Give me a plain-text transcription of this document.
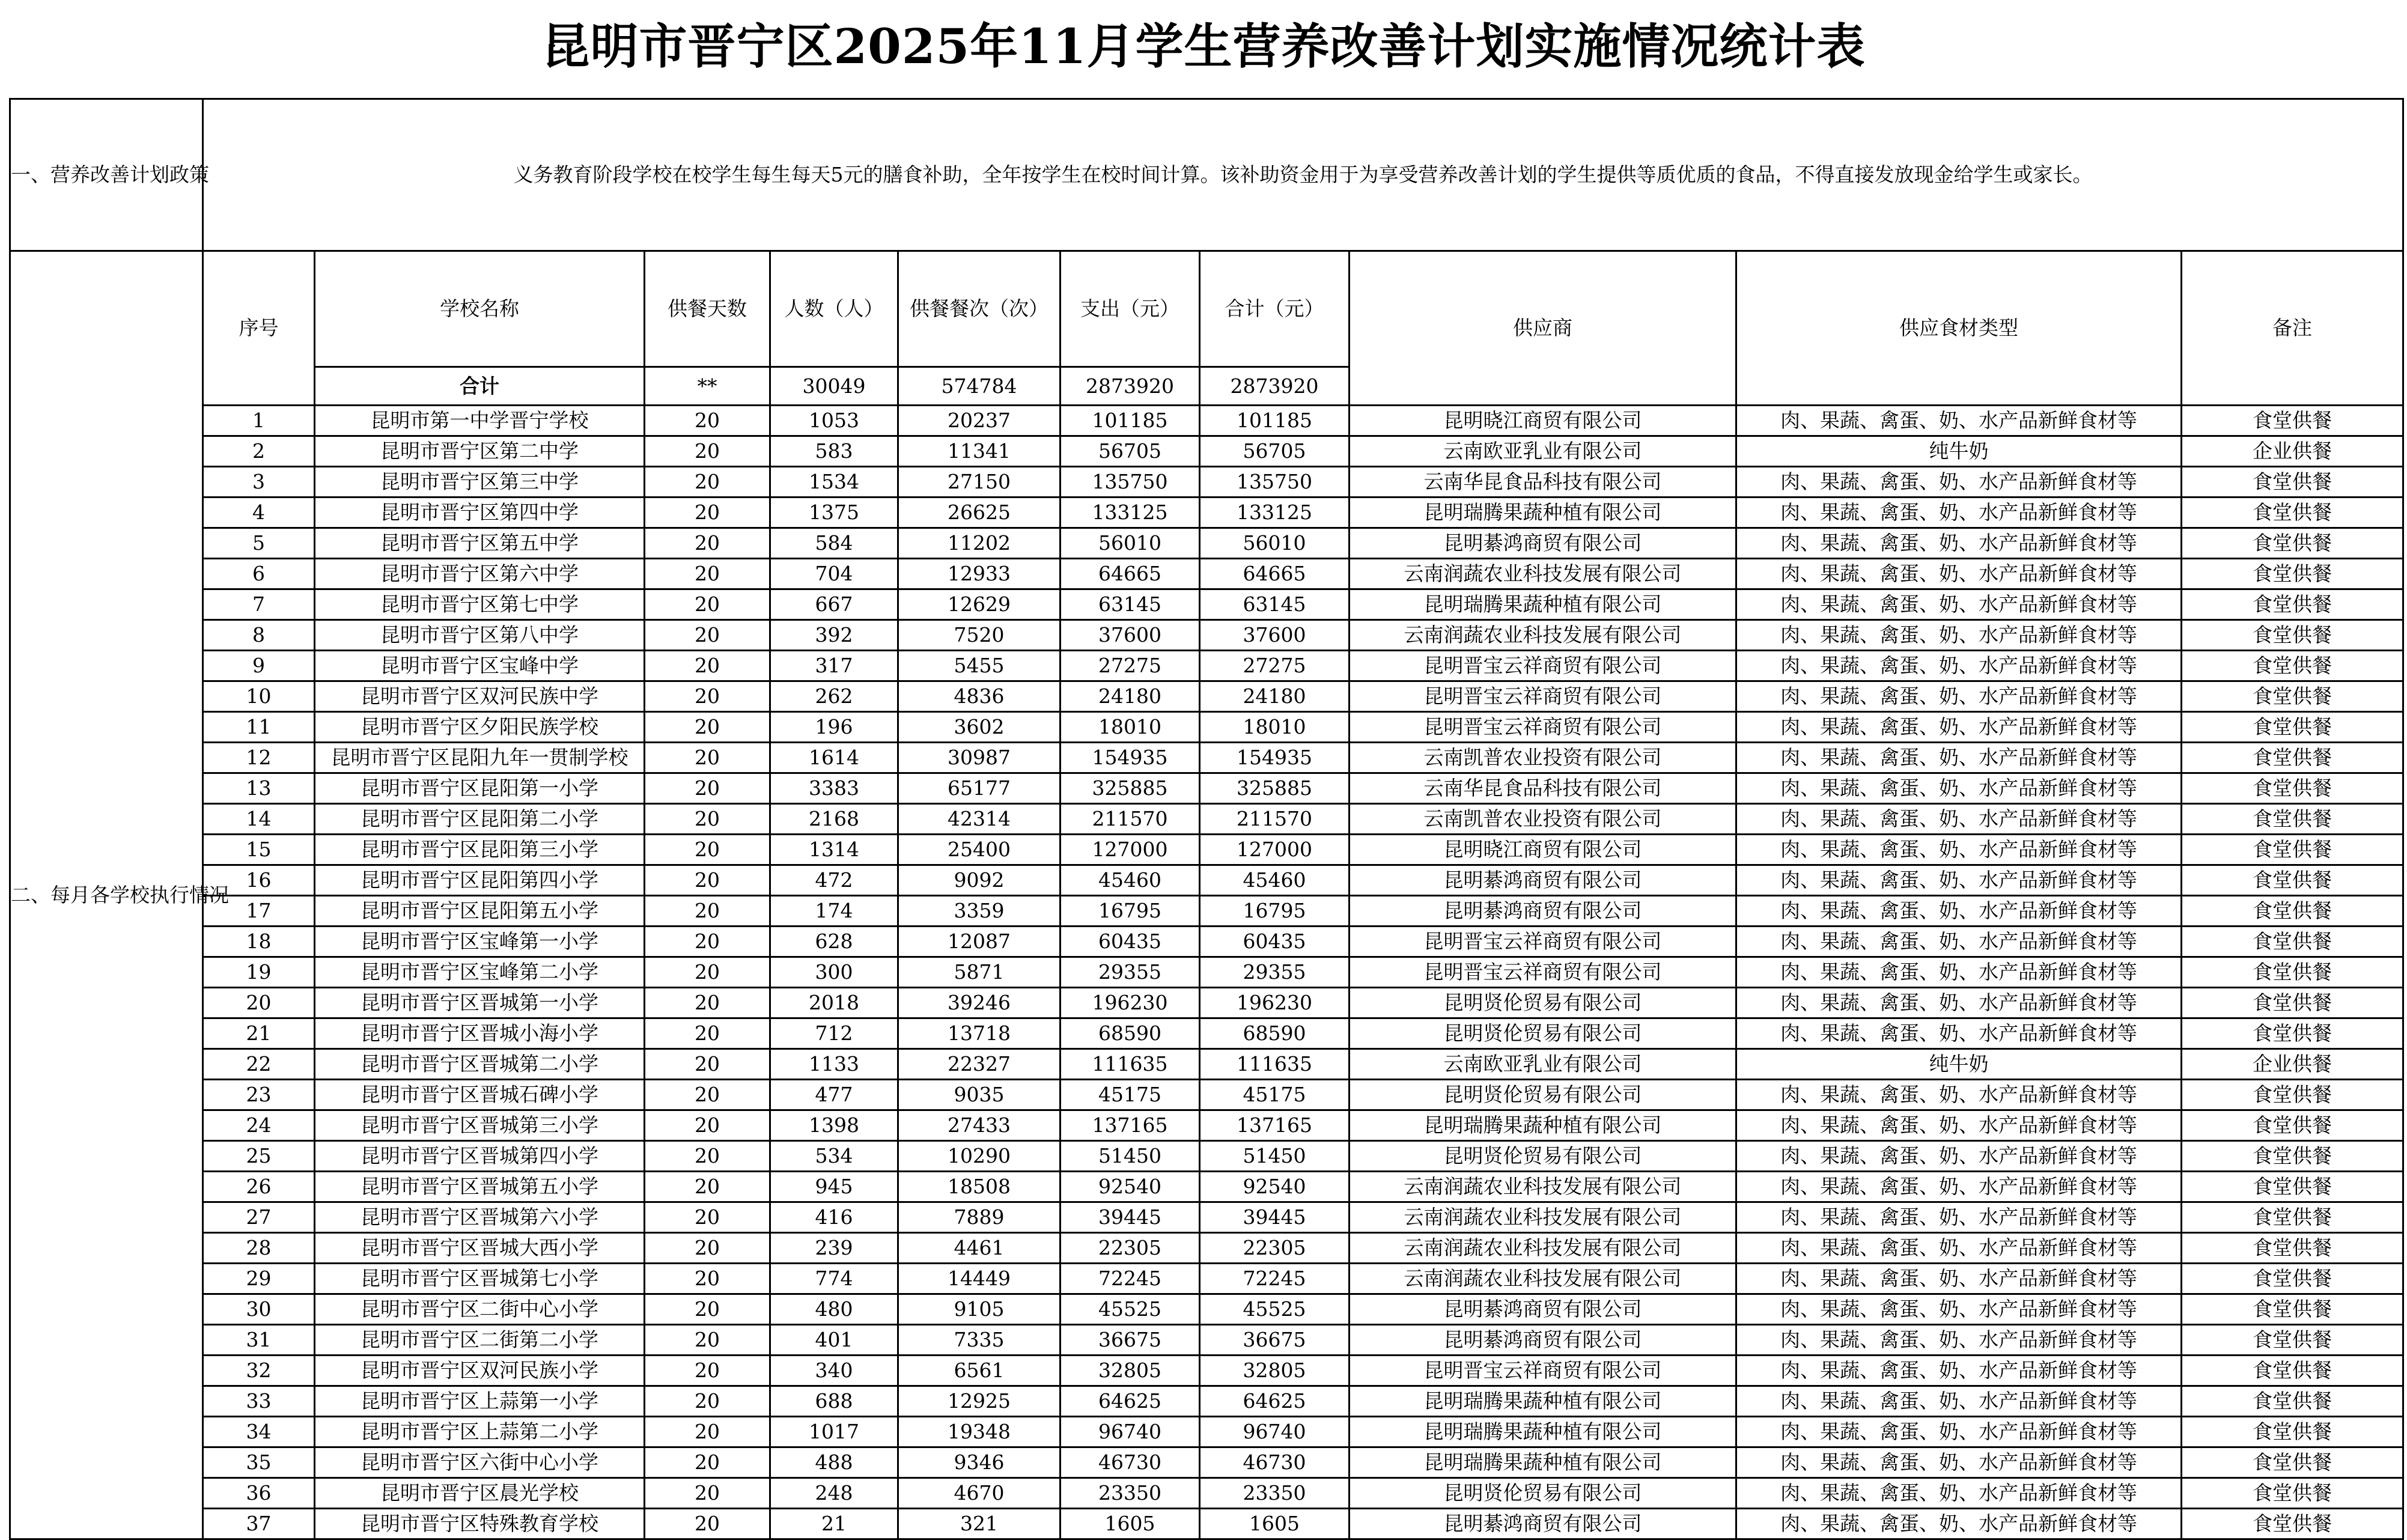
昆明市晋宁区2025年11月学生营养改善计划实施情况统计表
一、营养改善计划政策	义务教育阶段学校在校学生每生每天5元的膳食补助，全年按学生在校时间计算。该补助资金用于为享受营养改善计划的学生提供等质优质的食品，不得直接发放现金给学生或家长。									
二、每月各学校执行情况	序号	学校名称	供餐天数	人数（人）	供餐餐次（次）	支出（元）	合计（元）	供应商	供应食材类型	备注
		合计	**	30049	574784	2873920	2873920			
	1	昆明市第一中学晋宁学校	20	1053	20237	101185	101185	昆明晓江商贸有限公司	肉、果蔬、禽蛋、奶、水产品新鲜食材等	食堂供餐
	2	昆明市晋宁区第二中学	20	583	11341	56705	56705	云南欧亚乳业有限公司	纯牛奶	企业供餐
	3	昆明市晋宁区第三中学	20	1534	27150	135750	135750	云南华昆食品科技有限公司	肉、果蔬、禽蛋、奶、水产品新鲜食材等	食堂供餐
	4	昆明市晋宁区第四中学	20	1375	26625	133125	133125	昆明瑞腾果蔬种植有限公司	肉、果蔬、禽蛋、奶、水产品新鲜食材等	食堂供餐
	5	昆明市晋宁区第五中学	20	584	11202	56010	56010	昆明綦鸿商贸有限公司	肉、果蔬、禽蛋、奶、水产品新鲜食材等	食堂供餐
	6	昆明市晋宁区第六中学	20	704	12933	64665	64665	云南润蔬农业科技发展有限公司	肉、果蔬、禽蛋、奶、水产品新鲜食材等	食堂供餐
	7	昆明市晋宁区第七中学	20	667	12629	63145	63145	昆明瑞腾果蔬种植有限公司	肉、果蔬、禽蛋、奶、水产品新鲜食材等	食堂供餐
	8	昆明市晋宁区第八中学	20	392	7520	37600	37600	云南润蔬农业科技发展有限公司	肉、果蔬、禽蛋、奶、水产品新鲜食材等	食堂供餐
	9	昆明市晋宁区宝峰中学	20	317	5455	27275	27275	昆明晋宝云祥商贸有限公司	肉、果蔬、禽蛋、奶、水产品新鲜食材等	食堂供餐
	10	昆明市晋宁区双河民族中学	20	262	4836	24180	24180	昆明晋宝云祥商贸有限公司	肉、果蔬、禽蛋、奶、水产品新鲜食材等	食堂供餐
	11	昆明市晋宁区夕阳民族学校	20	196	3602	18010	18010	昆明晋宝云祥商贸有限公司	肉、果蔬、禽蛋、奶、水产品新鲜食材等	食堂供餐
	12	昆明市晋宁区昆阳九年一贯制学校	20	1614	30987	154935	154935	云南凯普农业投资有限公司	肉、果蔬、禽蛋、奶、水产品新鲜食材等	食堂供餐
	13	昆明市晋宁区昆阳第一小学	20	3383	65177	325885	325885	云南华昆食品科技有限公司	肉、果蔬、禽蛋、奶、水产品新鲜食材等	食堂供餐
	14	昆明市晋宁区昆阳第二小学	20	2168	42314	211570	211570	云南凯普农业投资有限公司	肉、果蔬、禽蛋、奶、水产品新鲜食材等	食堂供餐
	15	昆明市晋宁区昆阳第三小学	20	1314	25400	127000	127000	昆明晓江商贸有限公司	肉、果蔬、禽蛋、奶、水产品新鲜食材等	食堂供餐
	16	昆明市晋宁区昆阳第四小学	20	472	9092	45460	45460	昆明綦鸿商贸有限公司	肉、果蔬、禽蛋、奶、水产品新鲜食材等	食堂供餐
	17	昆明市晋宁区昆阳第五小学	20	174	3359	16795	16795	昆明綦鸿商贸有限公司	肉、果蔬、禽蛋、奶、水产品新鲜食材等	食堂供餐
	18	昆明市晋宁区宝峰第一小学	20	628	12087	60435	60435	昆明晋宝云祥商贸有限公司	肉、果蔬、禽蛋、奶、水产品新鲜食材等	食堂供餐
	19	昆明市晋宁区宝峰第二小学	20	300	5871	29355	29355	昆明晋宝云祥商贸有限公司	肉、果蔬、禽蛋、奶、水产品新鲜食材等	食堂供餐
	20	昆明市晋宁区晋城第一小学	20	2018	39246	196230	196230	昆明贤伦贸易有限公司	肉、果蔬、禽蛋、奶、水产品新鲜食材等	食堂供餐
	21	昆明市晋宁区晋城小海小学	20	712	13718	68590	68590	昆明贤伦贸易有限公司	肉、果蔬、禽蛋、奶、水产品新鲜食材等	食堂供餐
	22	昆明市晋宁区晋城第二小学	20	1133	22327	111635	111635	云南欧亚乳业有限公司	纯牛奶	企业供餐
	23	昆明市晋宁区晋城石碑小学	20	477	9035	45175	45175	昆明贤伦贸易有限公司	肉、果蔬、禽蛋、奶、水产品新鲜食材等	食堂供餐
	24	昆明市晋宁区晋城第三小学	20	1398	27433	137165	137165	昆明瑞腾果蔬种植有限公司	肉、果蔬、禽蛋、奶、水产品新鲜食材等	食堂供餐
	25	昆明市晋宁区晋城第四小学	20	534	10290	51450	51450	昆明贤伦贸易有限公司	肉、果蔬、禽蛋、奶、水产品新鲜食材等	食堂供餐
	26	昆明市晋宁区晋城第五小学	20	945	18508	92540	92540	云南润蔬农业科技发展有限公司	肉、果蔬、禽蛋、奶、水产品新鲜食材等	食堂供餐
	27	昆明市晋宁区晋城第六小学	20	416	7889	39445	39445	云南润蔬农业科技发展有限公司	肉、果蔬、禽蛋、奶、水产品新鲜食材等	食堂供餐
	28	昆明市晋宁区晋城大西小学	20	239	4461	22305	22305	云南润蔬农业科技发展有限公司	肉、果蔬、禽蛋、奶、水产品新鲜食材等	食堂供餐
	29	昆明市晋宁区晋城第七小学	20	774	14449	72245	72245	云南润蔬农业科技发展有限公司	肉、果蔬、禽蛋、奶、水产品新鲜食材等	食堂供餐
	30	昆明市晋宁区二街中心小学	20	480	9105	45525	45525	昆明綦鸿商贸有限公司	肉、果蔬、禽蛋、奶、水产品新鲜食材等	食堂供餐
	31	昆明市晋宁区二街第二小学	20	401	7335	36675	36675	昆明綦鸿商贸有限公司	肉、果蔬、禽蛋、奶、水产品新鲜食材等	食堂供餐
	32	昆明市晋宁区双河民族小学	20	340	6561	32805	32805	昆明晋宝云祥商贸有限公司	肉、果蔬、禽蛋、奶、水产品新鲜食材等	食堂供餐
	33	昆明市晋宁区上蒜第一小学	20	688	12925	64625	64625	昆明瑞腾果蔬种植有限公司	肉、果蔬、禽蛋、奶、水产品新鲜食材等	食堂供餐
	34	昆明市晋宁区上蒜第二小学	20	1017	19348	96740	96740	昆明瑞腾果蔬种植有限公司	肉、果蔬、禽蛋、奶、水产品新鲜食材等	食堂供餐
	35	昆明市晋宁区六街中心小学	20	488	9346	46730	46730	昆明瑞腾果蔬种植有限公司	肉、果蔬、禽蛋、奶、水产品新鲜食材等	食堂供餐
	36	昆明市晋宁区晨光学校	20	248	4670	23350	23350	昆明贤伦贸易有限公司	肉、果蔬、禽蛋、奶、水产品新鲜食材等	食堂供餐
	37	昆明市晋宁区特殊教育学校	20	21	321	1605	1605	昆明綦鸿商贸有限公司	肉、果蔬、禽蛋、奶、水产品新鲜食材等	食堂供餐
